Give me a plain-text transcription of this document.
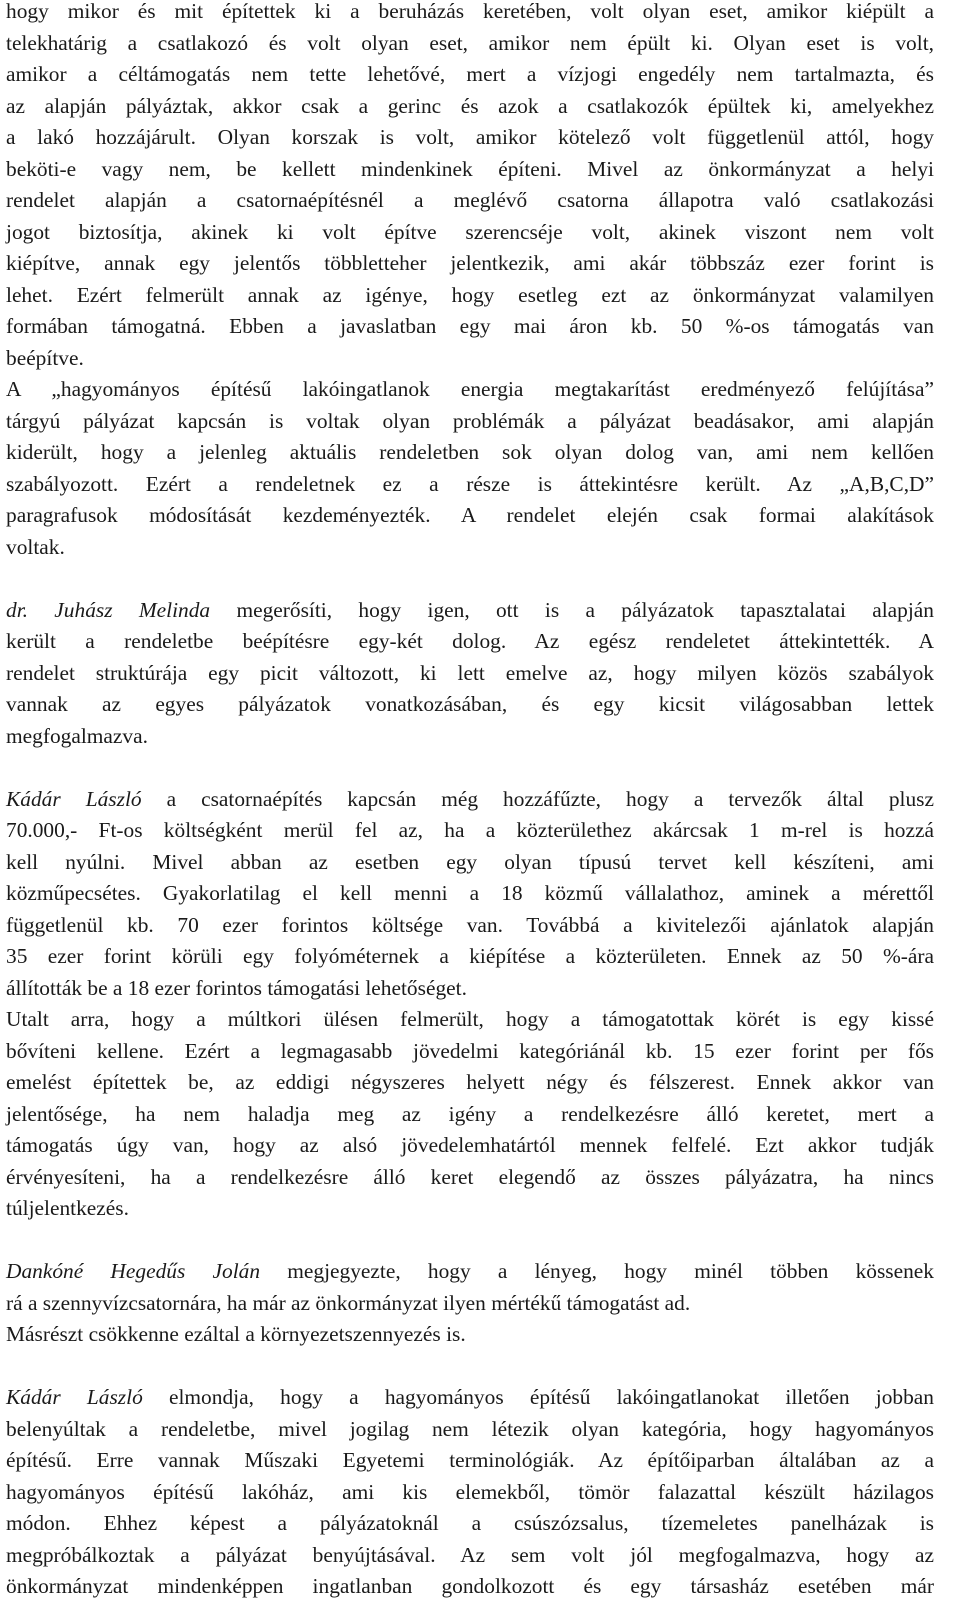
hogy mikor és mit építettek ki a beruházás keretében, volt olyan eset, amikor kiépült a
telekhatárig a csatlakozó és volt olyan eset, amikor nem épült ki. Olyan eset is volt,
amikor a céltámogatás nem tette lehetővé, mert a vízjogi engedély nem tartalmazta, és
az alapján pályáztak, akkor csak a gerinc és azok a csatlakozók épültek ki, amelyekhez
a lakó hozzájárult. Olyan korszak is volt, amikor kötelező volt függetlenül attól, hogy
beköti-e vagy nem, be kellett mindenkinek építeni. Mivel az önkormányzat a helyi
rendelet alapján a csatornaépítésnél a meglévő csatorna állapotra való csatlakozási
jogot biztosítja, akinek ki volt építve szerencséje volt, akinek viszont nem volt
kiépítve, annak egy jelentős többletteher jelentkezik, ami akár többszáz ezer forint is
lehet. Ezért felmerült annak az igénye, hogy esetleg ezt az önkormányzat valamilyen
formában támogatná. Ebben a javaslatban egy mai áron kb. 50 %-os támogatás van
beépítve.
A „hagyományos építésű lakóingatlanok energia megtakarítást eredményező felújítása”
tárgyú pályázat kapcsán is voltak olyan problémák a pályázat beadásakor, ami alapján
kiderült, hogy a jelenleg aktuális rendeletben sok olyan dolog van, ami nem kellően
szabályozott. Ezért a rendeletnek ez a része is áttekintésre került. Az „A,B,C,D”
paragrafusok módosítását kezdeményezték. A rendelet elején csak formai alakítások
voltak.

dr. Juhász Melinda megerősíti, hogy igen, ott is a pályázatok tapasztalatai alapján
került a rendeletbe beépítésre egy-két dolog. Az egész rendeletet áttekintették. A
rendelet struktúrája egy picit változott, ki lett emelve az, hogy milyen közös szabályok
vannak az egyes pályázatok vonatkozásában, és egy kicsit világosabban lettek
megfogalmazva.

Kádár László a csatornaépítés kapcsán még hozzáfűzte, hogy a tervezők által plusz
70.000,- Ft-os költségként merül fel az, ha a közterülethez akárcsak 1 m-rel is hozzá
kell nyúlni. Mivel abban az esetben egy olyan típusú tervet kell készíteni, ami
közműpecsétes. Gyakorlatilag el kell menni a 18 közmű vállalathoz, aminek a mérettől
függetlenül kb. 70 ezer forintos költsége van. Továbbá a kivitelezői ajánlatok alapján
35 ezer forint körüli egy folyóméternek a kiépítése a közterületen. Ennek az 50 %-ára
állították be a 18 ezer forintos támogatási lehetőséget.
Utalt arra, hogy a múltkori ülésen felmerült, hogy a támogatottak körét is egy kissé
bővíteni kellene. Ezért a legmagasabb jövedelmi kategóriánál kb. 15 ezer forint per fős
emelést építettek be, az eddigi négyszeres helyett négy és félszerest. Ennek akkor van
jelentősége, ha nem haladja meg az igény a rendelkezésre álló keretet, mert a
támogatás úgy van, hogy az alsó jövedelemhatártól mennek felfelé. Ezt akkor tudják
érvényesíteni, ha a rendelkezésre álló keret elegendő az összes pályázatra, ha nincs
túljelentkezés.

Dankóné Hegedűs Jolán megjegyezte, hogy a lényeg, hogy minél többen kössenek
rá a szennyvízcsatornára, ha már az önkormányzat ilyen mértékű támogatást ad.
Másrészt csökkenne ezáltal a környezetszennyezés is.

Kádár László elmondja, hogy a hagyományos építésű lakóingatlanokat illetően jobban
belenyúltak a rendeletbe, mivel jogilag nem létezik olyan kategória, hogy hagyományos
építésű. Erre vannak Műszaki Egyetemi terminológiák. Az építőiparban általában az a
hagyományos építésű lakóház, ami kis elemekből, tömör falazattal készült házilagos
módon. Ehhez képest a pályázatoknál a csúszózsalus, tízemeletes panelházak is
megpróbálkoztak a pályázat benyújtásával. Az sem volt jól megfogalmazva, hogy az
önkormányzat mindenképpen ingatlanban gondolkozott és egy társasház esetében már
